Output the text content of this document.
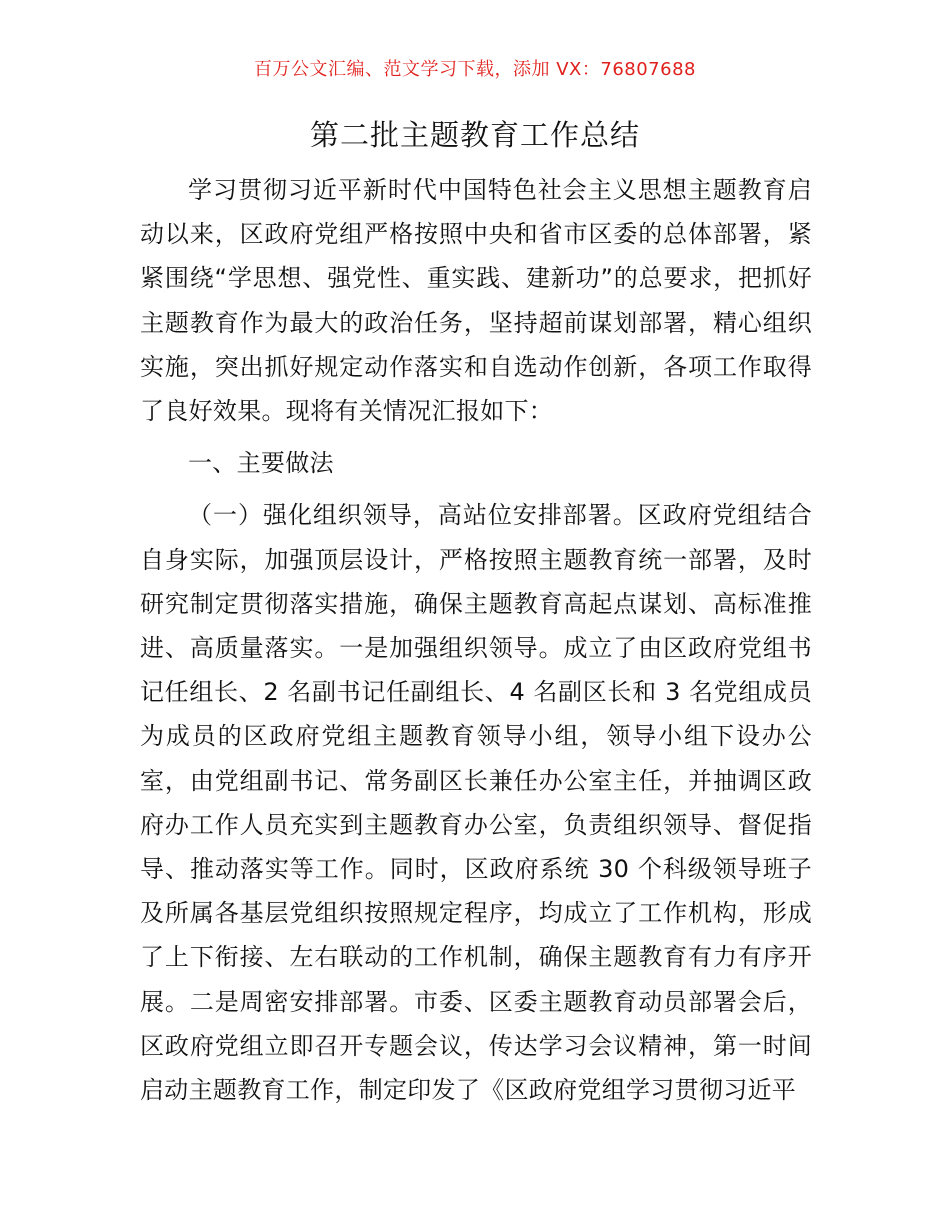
百万公文汇编、范文学习下载，添加 VX：76807688
第二批主题教育工作总结

学习贯彻习近平新时代中国特色社会主义思想主题教育启动以来，区政府党组严格按照中央和省市区委的总体部署，紧紧围绕“学思想、强党性、重实践、建新功”的总要求，把抓好主题教育作为最大的政治任务，坚持超前谋划部署，精心组织实施，突出抓好规定动作落实和自选动作创新，各项工作取得了良好效果。现将有关情况汇报如下：

一、主要做法

（一）强化组织领导，高站位安排部署。区政府党组结合自身实际，加强顶层设计，严格按照主题教育统一部署，及时研究制定贯彻落实措施，确保主题教育高起点谋划、高标准推进、高质量落实。一是加强组织领导。成立了由区政府党组书记任组长、2 名副书记任副组长、4 名副区长和 3 名党组成员为成员的区政府党组主题教育领导小组，领导小组下设办公室，由党组副书记、常务副区长兼任办公室主任，并抽调区政府办工作人员充实到主题教育办公室，负责组织领导、督促指导、推动落实等工作。同时，区政府系统 30 个科级领导班子及所属各基层党组织按照规定程序，均成立了工作机构，形成了上下衔接、左右联动的工作机制，确保主题教育有力有序开展。二是周密安排部署。市委、区委主题教育动员部署会后，区政府党组立即召开专题会议，传达学习会议精神，第一时间启动主题教育工作，制定印发了《区政府党组学习贯彻习近平
